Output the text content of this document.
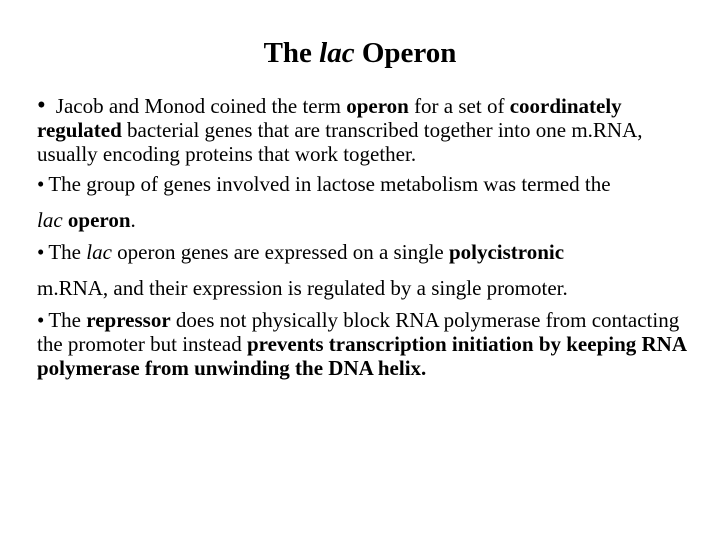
The lac Operon

• Jacob and Monod coined the term operon for a set of coordinately regulated bacterial genes that are transcribed together into one m.RNA, usually encoding proteins that work together.

• The group of genes involved in lactose metabolism was termed the
lac operon.

• The lac operon genes are expressed on a single polycistronic
m.RNA, and their expression is regulated by a single promoter.

• The repressor does not physically block RNA polymerase from contacting the promoter but instead prevents transcription initiation by keeping RNA polymerase from unwinding the DNA helix.
